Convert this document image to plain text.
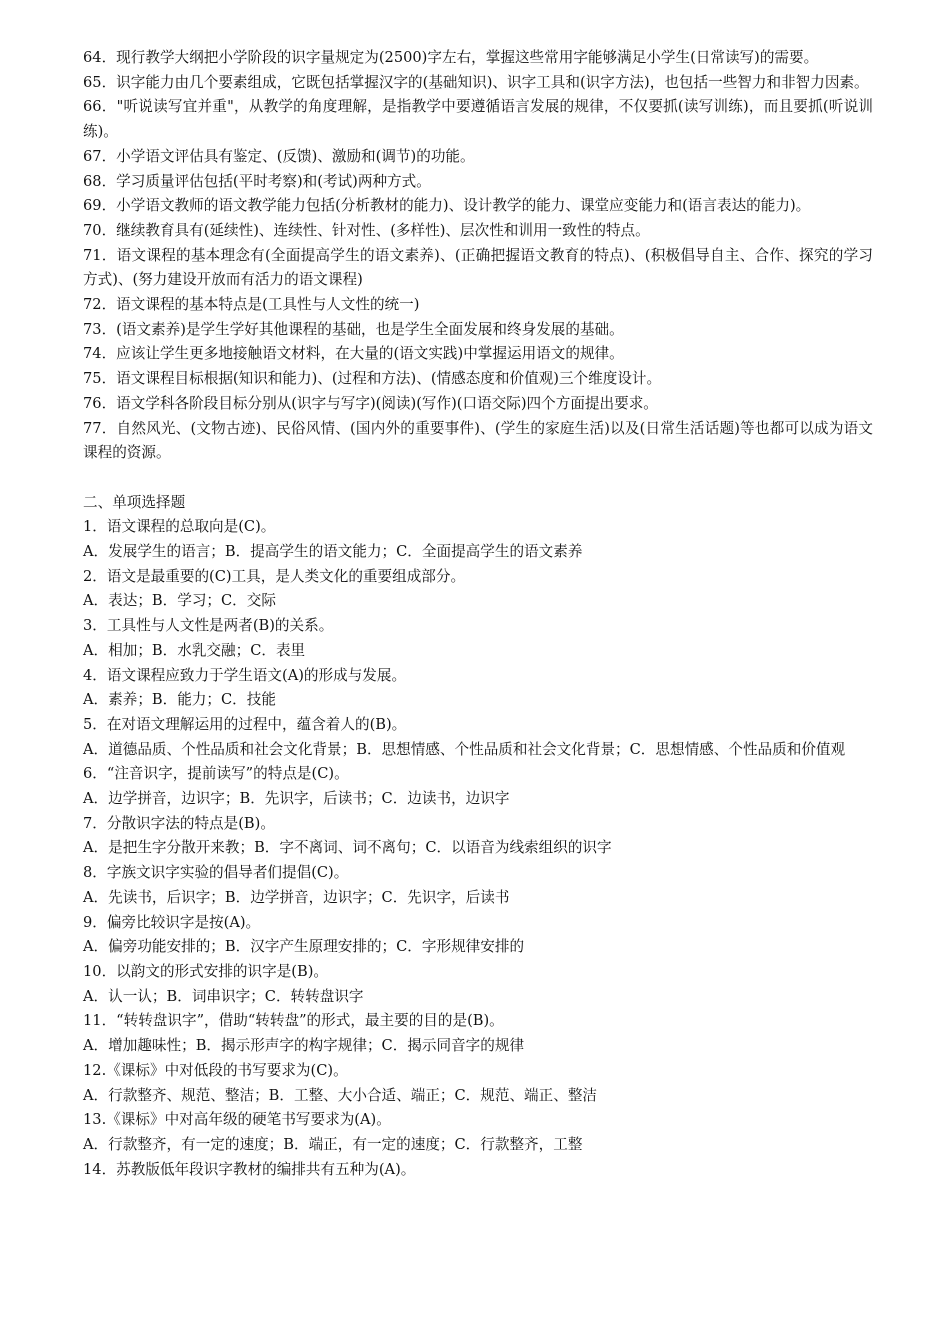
64．现行教学大纲把小学阶段的识字量规定为(2500)字左右，掌握这些常用字能够满足小学生(日常读写)的需要。
65．识字能力由几个要素组成，它既包括掌握汉字的(基础知识)、识字工具和(识字方法)，也包括一些智力和非智力因素。
66．"听说读写宜并重"，从教学的角度理解，是指教学中要遵循语言发展的规律，不仅要抓(读写训练)，而且要抓(听说训练)。
67．小学语文评估具有鉴定、(反馈)、激励和(调节)的功能。
68．学习质量评估包括(平时考察)和(考试)两种方式。
69．小学语文教师的语文教学能力包括(分析教材的能力)、设计教学的能力、课堂应变能力和(语言表达的能力)。
70．继续教育具有(延续性)、连续性、针对性、(多样性)、层次性和训用一致性的特点。
71．语文课程的基本理念有(全面提高学生的语文素养)、(正确把握语文教育的特点)、(积极倡导自主、合作、探究的学习方式)、(努力建设开放而有活力的语文课程)
72．语文课程的基本特点是(工具性与人文性的统一)
73．(语文素养)是学生学好其他课程的基础，也是学生全面发展和终身发展的基础。
74．应该让学生更多地接触语文材料，在大量的(语文实践)中掌握运用语文的规律。
75．语文课程目标根据(知识和能力)、(过程和方法)、(情感态度和价值观)三个维度设计。
76．语文学科各阶段目标分别从(识字与写字)(阅读)(写作)(口语交际)四个方面提出要求。
77．自然风光、(文物古迹)、民俗风情、(国内外的重要事件)、(学生的家庭生活)以及(日常生活话题)等也都可以成为语文课程的资源。
二、单项选择题
1．语文课程的总取向是(C)。
A．发展学生的语言；B．提高学生的语文能力；C．全面提高学生的语文素养
2．语文是最重要的(C)工具，是人类文化的重要组成部分。
A．表达；B．学习；C．交际
3．工具性与人文性是两者(B)的关系。
A．相加；B．水乳交融；C．表里
4．语文课程应致力于学生语文(A)的形成与发展。
A．素养；B．能力；C．技能
5．在对语文理解运用的过程中，蕴含着人的(B)。
A．道德品质、个性品质和社会文化背景；B．思想情感、个性品质和社会文化背景；C．思想情感、个性品质和价值观
6．“注音识字，提前读写”的特点是(C)。
A．边学拼音，边识字；B．先识字，后读书；C．边读书，边识字
7．分散识字法的特点是(B)。
A．是把生字分散开来教；B．字不离词、词不离句；C．以语音为线索组织的识字
8．字族文识字实验的倡导者们提倡(C)。
A．先读书，后识字；B．边学拼音，边识字；C．先识字，后读书
9．偏旁比较识字是按(A)。
A．偏旁功能安排的；B．汉字产生原理安排的；C．字形规律安排的
10．以韵文的形式安排的识字是(B)。
A．认一认；B．词串识字；C．转转盘识字
11．“转转盘识字”，借助“转转盘”的形式，最主要的目的是(B)。
A．增加趣味性；B．揭示形声字的构字规律；C．揭示同音字的规律
12.《课标》中对低段的书写要求为(C)。
A．行款整齐、规范、整洁；B．工整、大小合适、端正；C．规范、端正、整洁
13.《课标》中对高年级的硬笔书写要求为(A)。
A．行款整齐，有一定的速度；B．端正，有一定的速度；C．行款整齐，工整
14．苏教版低年段识字教材的编排共有五种为(A)。
